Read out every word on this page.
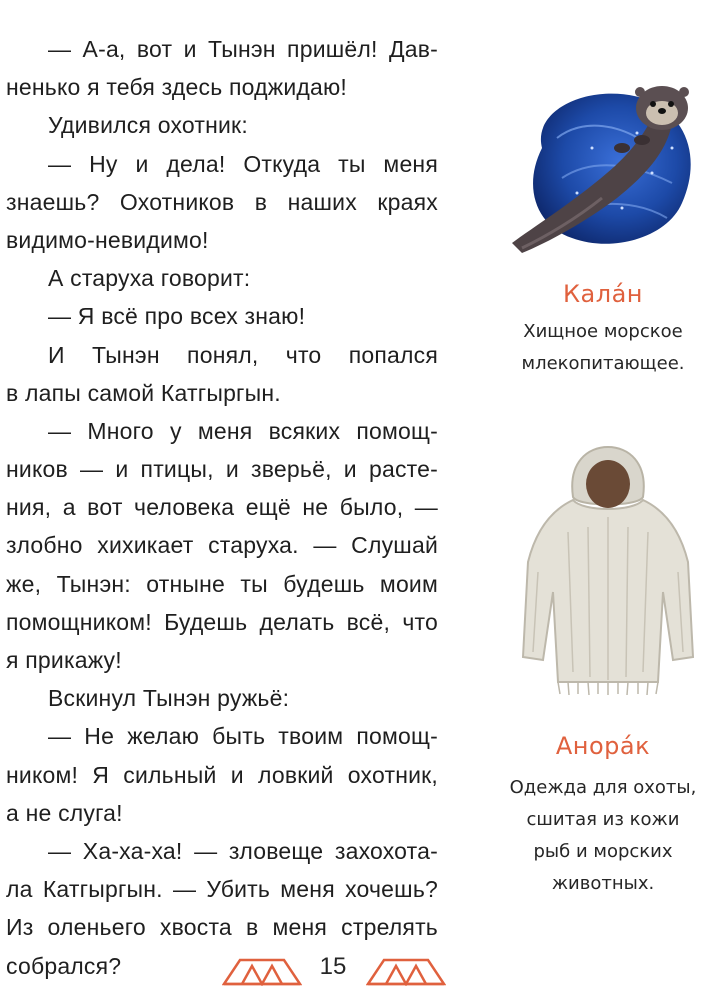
— А-а, вот и Тынэн пришёл! Дав-
ненько я тебя здесь поджидаю!
Удивился охотник:
— Ну и дела! Откуда ты меня
знаешь? Охотников в наших краях
видимо-невидимо!
А старуха говорит:
— Я всё про всех знаю!
И Тынэн понял, что попался
в лапы самой Катгыргын.
— Много у меня всяких помощ-
ников — и птицы, и зверьё, и расте-
ния, а вот человека ещё не было, —
злобно хихикает старуха. — Слушай
же, Тынэн: отныне ты будешь моим
помощником! Будешь делать всё, что
я прикажу!
Вскинул Тынэн ружьё:
— Не желаю быть твоим помощ-
ником! Я сильный и ловкий охотник,
а не слуга!
— Ха-ха-ха! — зловеще захохота-
ла Катгыргын. — Убить меня хочешь?
Из оленьего хвоста в меня стрелять
собрался?
Кала́н
Хищное морское
млекопитающее.
Анора́к
Одежда для охоты,
сшитая из кожи
рыб и морских
животных.
15
